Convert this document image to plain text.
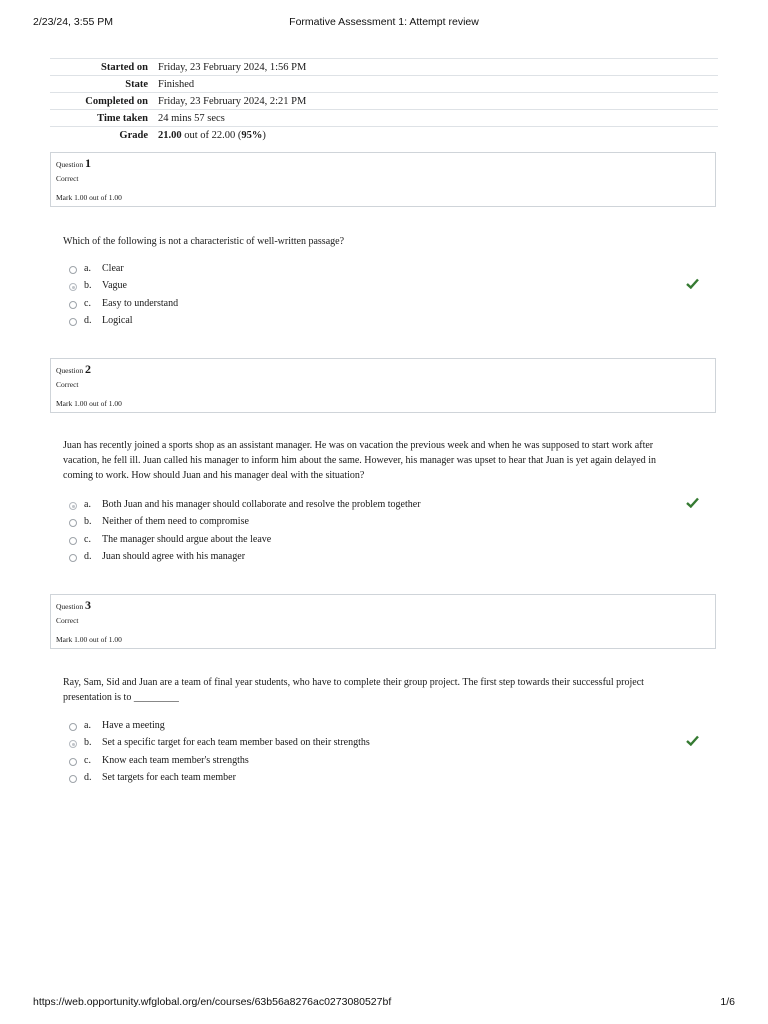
2/23/24, 3:55 PM	Formative Assessment 1: Attempt review
Started on	Friday, 23 February 2024, 1:56 PM
State	Finished
Completed on	Friday, 23 February 2024, 2:21 PM
Time taken	24 mins 57 secs
Grade	21.00 out of 22.00 (95%)
Question 1
Correct
Mark 1.00 out of 1.00
Which of the following is not a characteristic of well-written passage?
a. Clear
b. Vague
c. Easy to understand
d. Logical
Question 2
Correct
Mark 1.00 out of 1.00
Juan has recently joined a sports shop as an assistant manager. He was on vacation the previous week and when he was supposed to start work after vacation, he fell ill. Juan called his manager to inform him about the same. However, his manager was upset to hear that Juan is yet again delayed in coming to work. How should Juan and his manager deal with the situation?
a. Both Juan and his manager should collaborate and resolve the problem together
b. Neither of them need to compromise
c. The manager should argue about the leave
d. Juan should agree with his manager
Question 3
Correct
Mark 1.00 out of 1.00
Ray, Sam, Sid and Juan are a team of final year students, who have to complete their group project. The first step towards their successful project presentation is to _________
a. Have a meeting
b. Set a specific target for each team member based on their strengths
c. Know each team member's strengths
d. Set targets for each team member
https://web.opportunity.wfglobal.org/en/courses/63b56a8276ac0273080527bf	1/6
